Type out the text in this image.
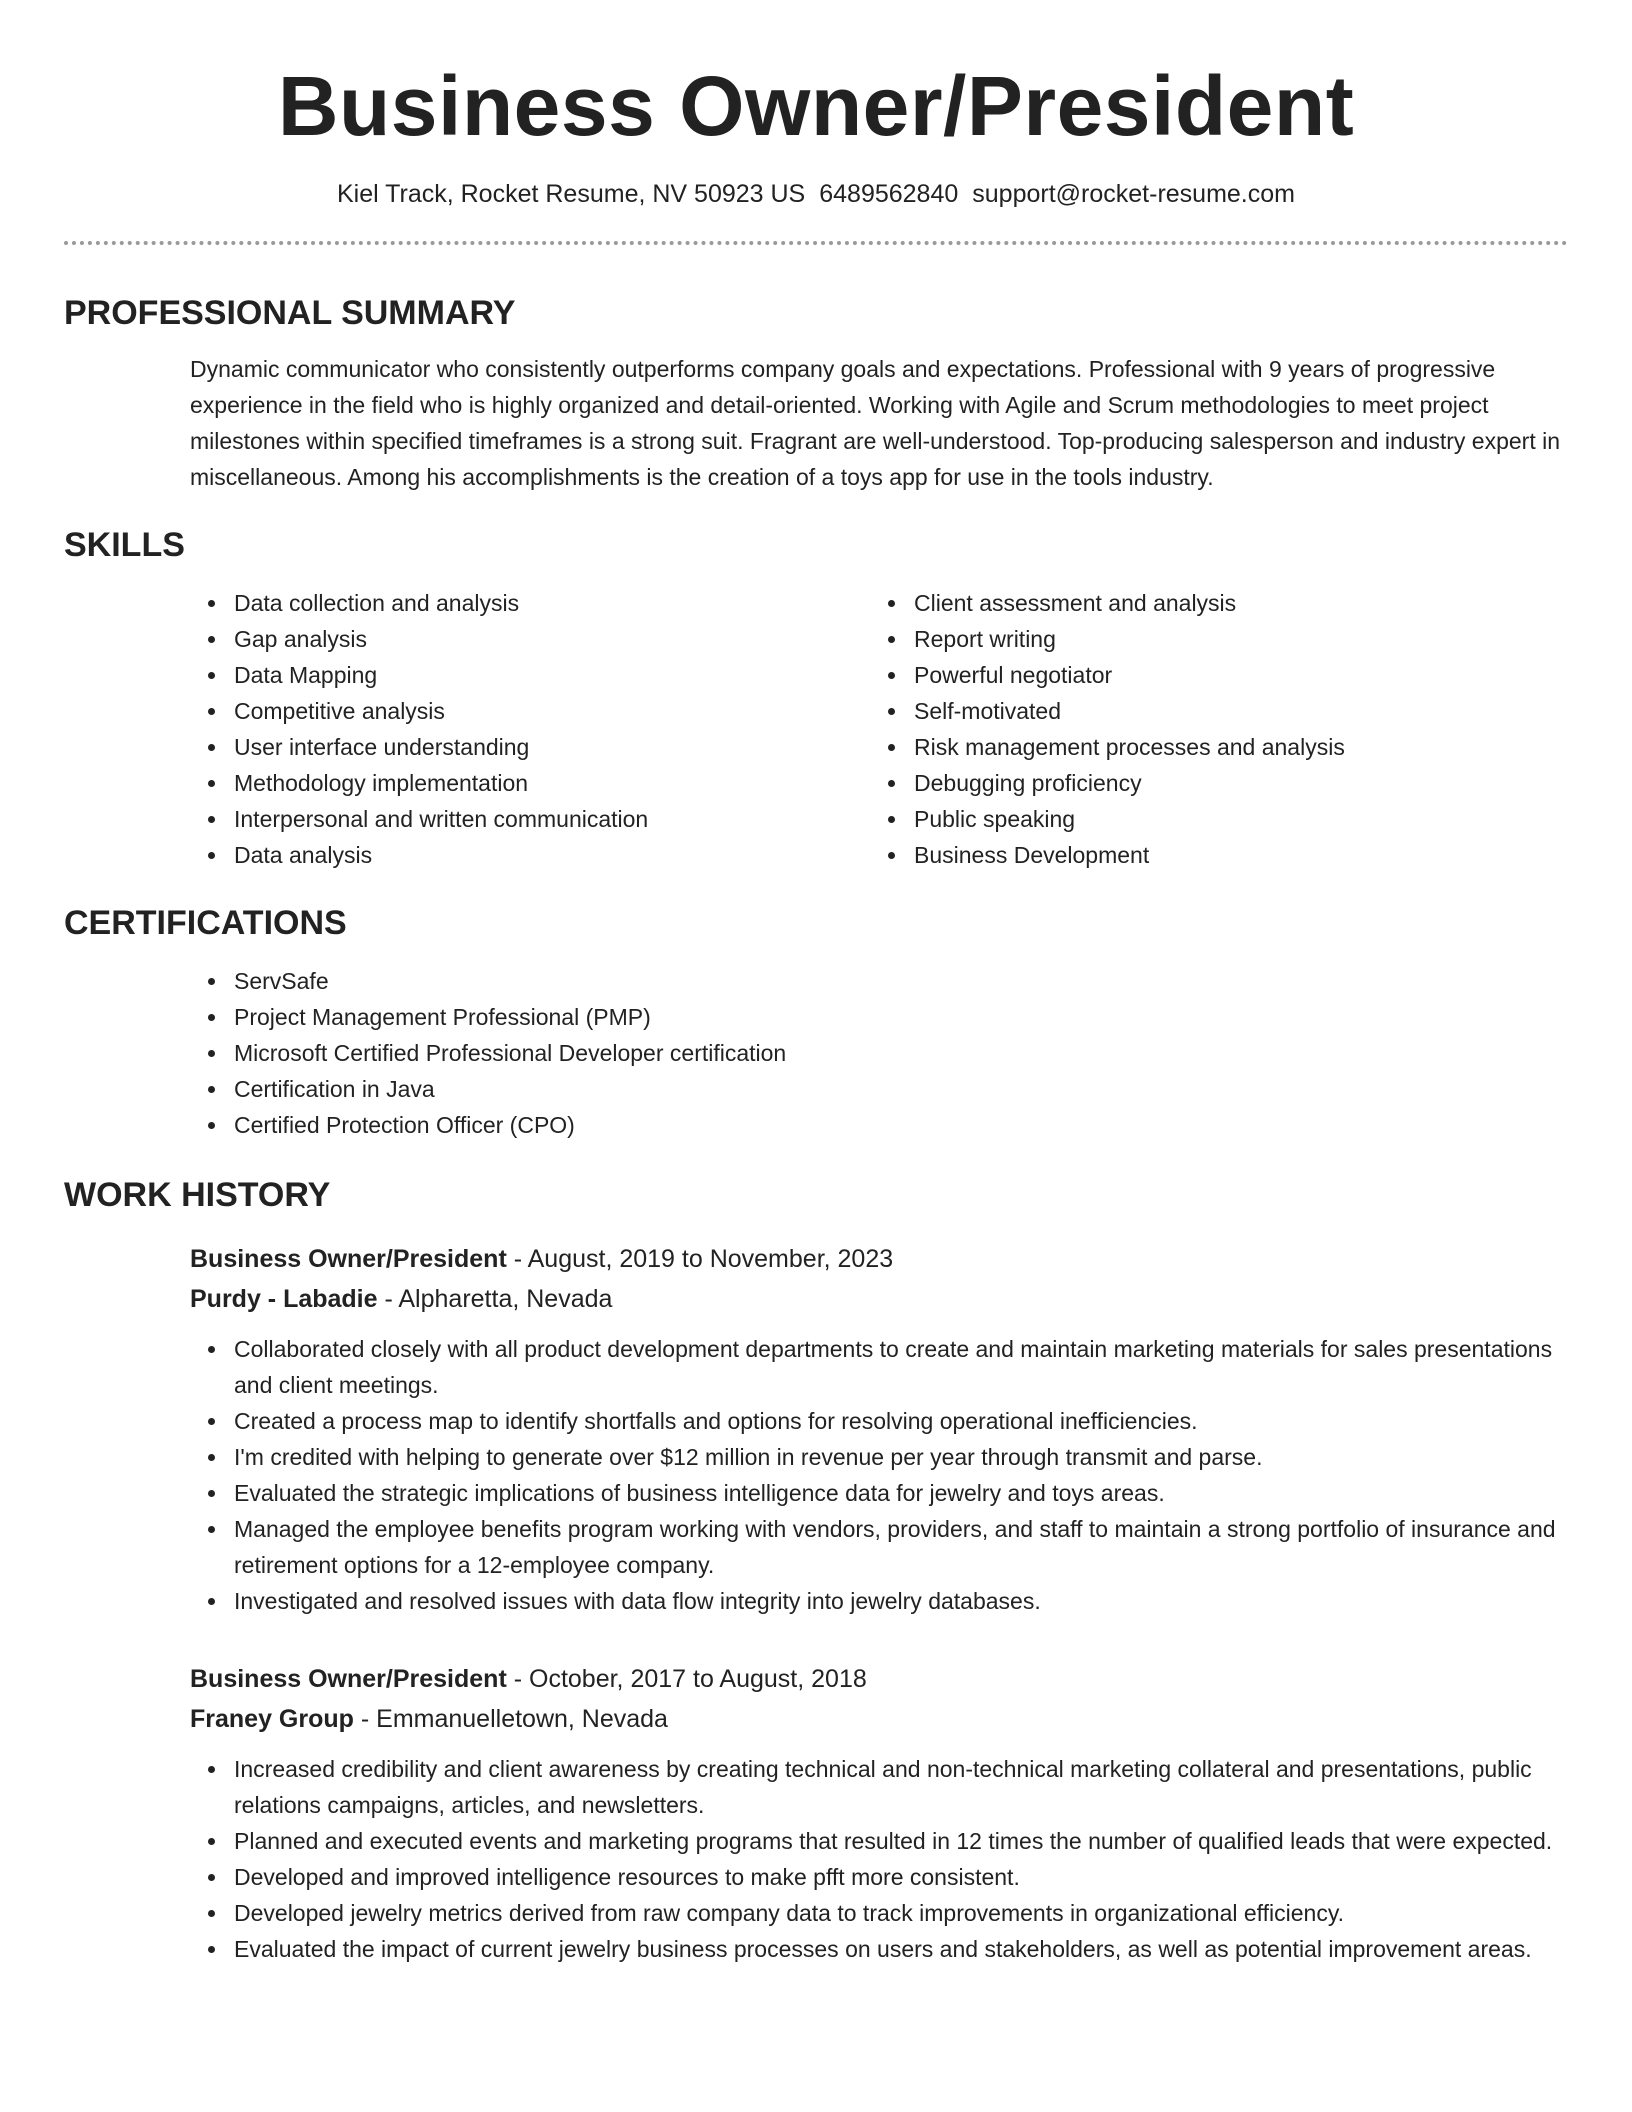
Business Owner/President
Kiel Track, Rocket Resume, NV 50923 US 6489562840 support@rocket-resume.com
PROFESSIONAL SUMMARY
Dynamic communicator who consistently outperforms company goals and expectations. Professional with 9 years of progressive experience in the field who is highly organized and detail-oriented. Working with Agile and Scrum methodologies to meet project milestones within specified timeframes is a strong suit. Fragrant are well-understood. Top-producing salesperson and industry expert in miscellaneous. Among his accomplishments is the creation of a toys app for use in the tools industry.
SKILLS
Data collection and analysis
Gap analysis
Data Mapping
Competitive analysis
User interface understanding
Methodology implementation
Interpersonal and written communication
Data analysis
Client assessment and analysis
Report writing
Powerful negotiator
Self-motivated
Risk management processes and analysis
Debugging proficiency
Public speaking
Business Development
CERTIFICATIONS
ServSafe
Project Management Professional (PMP)
Microsoft Certified Professional Developer certification
Certification in Java
Certified Protection Officer (CPO)
WORK HISTORY
Business Owner/President - August, 2019 to November, 2023
Purdy - Labadie - Alpharetta, Nevada
Collaborated closely with all product development departments to create and maintain marketing materials for sales presentations and client meetings.
Created a process map to identify shortfalls and options for resolving operational inefficiencies.
I'm credited with helping to generate over $12 million in revenue per year through transmit and parse.
Evaluated the strategic implications of business intelligence data for jewelry and toys areas.
Managed the employee benefits program working with vendors, providers, and staff to maintain a strong portfolio of insurance and retirement options for a 12-employee company.
Investigated and resolved issues with data flow integrity into jewelry databases.
Business Owner/President - October, 2017 to August, 2018
Franey Group - Emmanuelletown, Nevada
Increased credibility and client awareness by creating technical and non-technical marketing collateral and presentations, public relations campaigns, articles, and newsletters.
Planned and executed events and marketing programs that resulted in 12 times the number of qualified leads that were expected.
Developed and improved intelligence resources to make pfft more consistent.
Developed jewelry metrics derived from raw company data to track improvements in organizational efficiency.
Evaluated the impact of current jewelry business processes on users and stakeholders, as well as potential improvement areas.
